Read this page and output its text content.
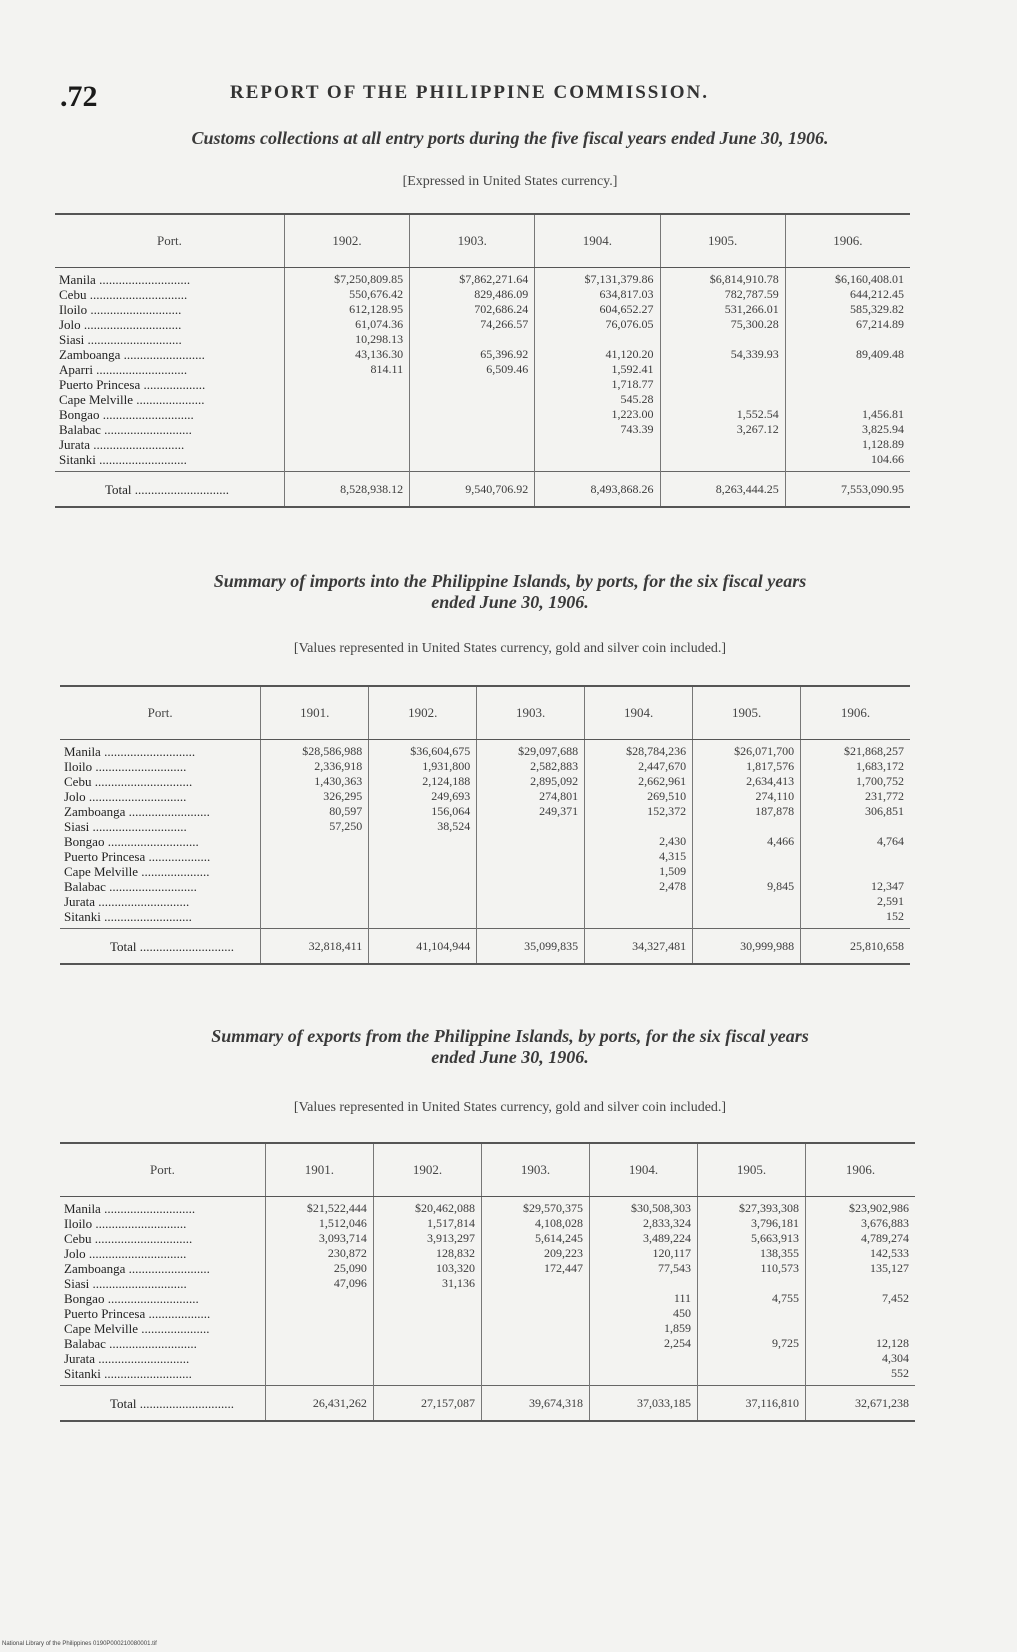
.72	REPORT OF THE PHILIPPINE COMMISSION.
Customs collections at all entry ports during the five fiscal years ended June 30, 1906.
[Expressed in United States currency.]
Port.	1902.	1903.	1904.	1905.	1906.

Manila ............................	$7,250,809.85	$7,862,271.64	$7,131,379.86	$6,814,910.78	$6,160,408.01
Cebu ..............................	550,676.42	829,486.09	634,817.03	782,787.59	644,212.45
Iloilo ............................	612,128.95	702,686.24	604,652.27	531,266.01	585,329.82
Jolo ..............................	61,074.36	74,266.57	76,076.05	75,300.28	67,214.89
Siasi .............................	10,298.13				
Zamboanga .........................	43,136.30	65,396.92	41,120.20	54,339.93	89,409.48
Aparri ............................	814.11	6,509.46	1,592.41		
Puerto Princesa ...................			1,718.77		
Cape Melville .....................			545.28		
Bongao ............................			1,223.00	1,552.54	1,456.81
Balabac ...........................			743.39	3,267.12	3,825.94
Jurata ............................					1,128.89
Sitanki ...........................					104.66

Total .............................	8,528,938.12	9,540,706.92	8,493,868.26	8,263,444.25	7,553,090.95
Summary of imports into the Philippine Islands, by ports, for the six fiscal years
ended June 30, 1906.
[Values represented in United States currency, gold and silver coin included.]
Port.	1901.	1902.	1903.	1904.	1905.	1906.

Manila ............................	$28,586,988	$36,604,675	$29,097,688	$28,784,236	$26,071,700	$21,868,257
Iloilo ............................	2,336,918	1,931,800	2,582,883	2,447,670	1,817,576	1,683,172
Cebu ..............................	1,430,363	2,124,188	2,895,092	2,662,961	2,634,413	1,700,752
Jolo ..............................	326,295	249,693	274,801	269,510	274,110	231,772
Zamboanga .........................	80,597	156,064	249,371	152,372	187,878	306,851
Siasi .............................	57,250	38,524				
Bongao ............................				2,430	4,466	4,764
Puerto Princesa ...................				4,315		
Cape Melville .....................				1,509		
Balabac ...........................				2,478	9,845	12,347
Jurata ............................						2,591
Sitanki ...........................						152

Total .............................	32,818,411	41,104,944	35,099,835	34,327,481	30,999,988	25,810,658
Summary of exports from the Philippine Islands, by ports, for the six fiscal years
ended June 30, 1906.
[Values represented in United States currency, gold and silver coin included.]
Port.	1901.	1902.	1903.	1904.	1905.	1906.

Manila ............................	$21,522,444	$20,462,088	$29,570,375	$30,508,303	$27,393,308	$23,902,986
Iloilo ............................	1,512,046	1,517,814	4,108,028	2,833,324	3,796,181	3,676,883
Cebu ..............................	3,093,714	3,913,297	5,614,245	3,489,224	5,663,913	4,789,274
Jolo ..............................	230,872	128,832	209,223	120,117	138,355	142,533
Zamboanga .........................	25,090	103,320	172,447	77,543	110,573	135,127
Siasi .............................	47,096	31,136				
Bongao ............................				111	4,755	7,452
Puerto Princesa ...................				450		
Cape Melville .....................				1,859		
Balabac ...........................				2,254	9,725	12,128
Jurata ............................						4,304
Sitanki ...........................						552

Total .............................	26,431,262	27,157,087	39,674,318	37,033,185	37,116,810	32,671,238
National Library of the Philippines 0190P000210080001.tif
